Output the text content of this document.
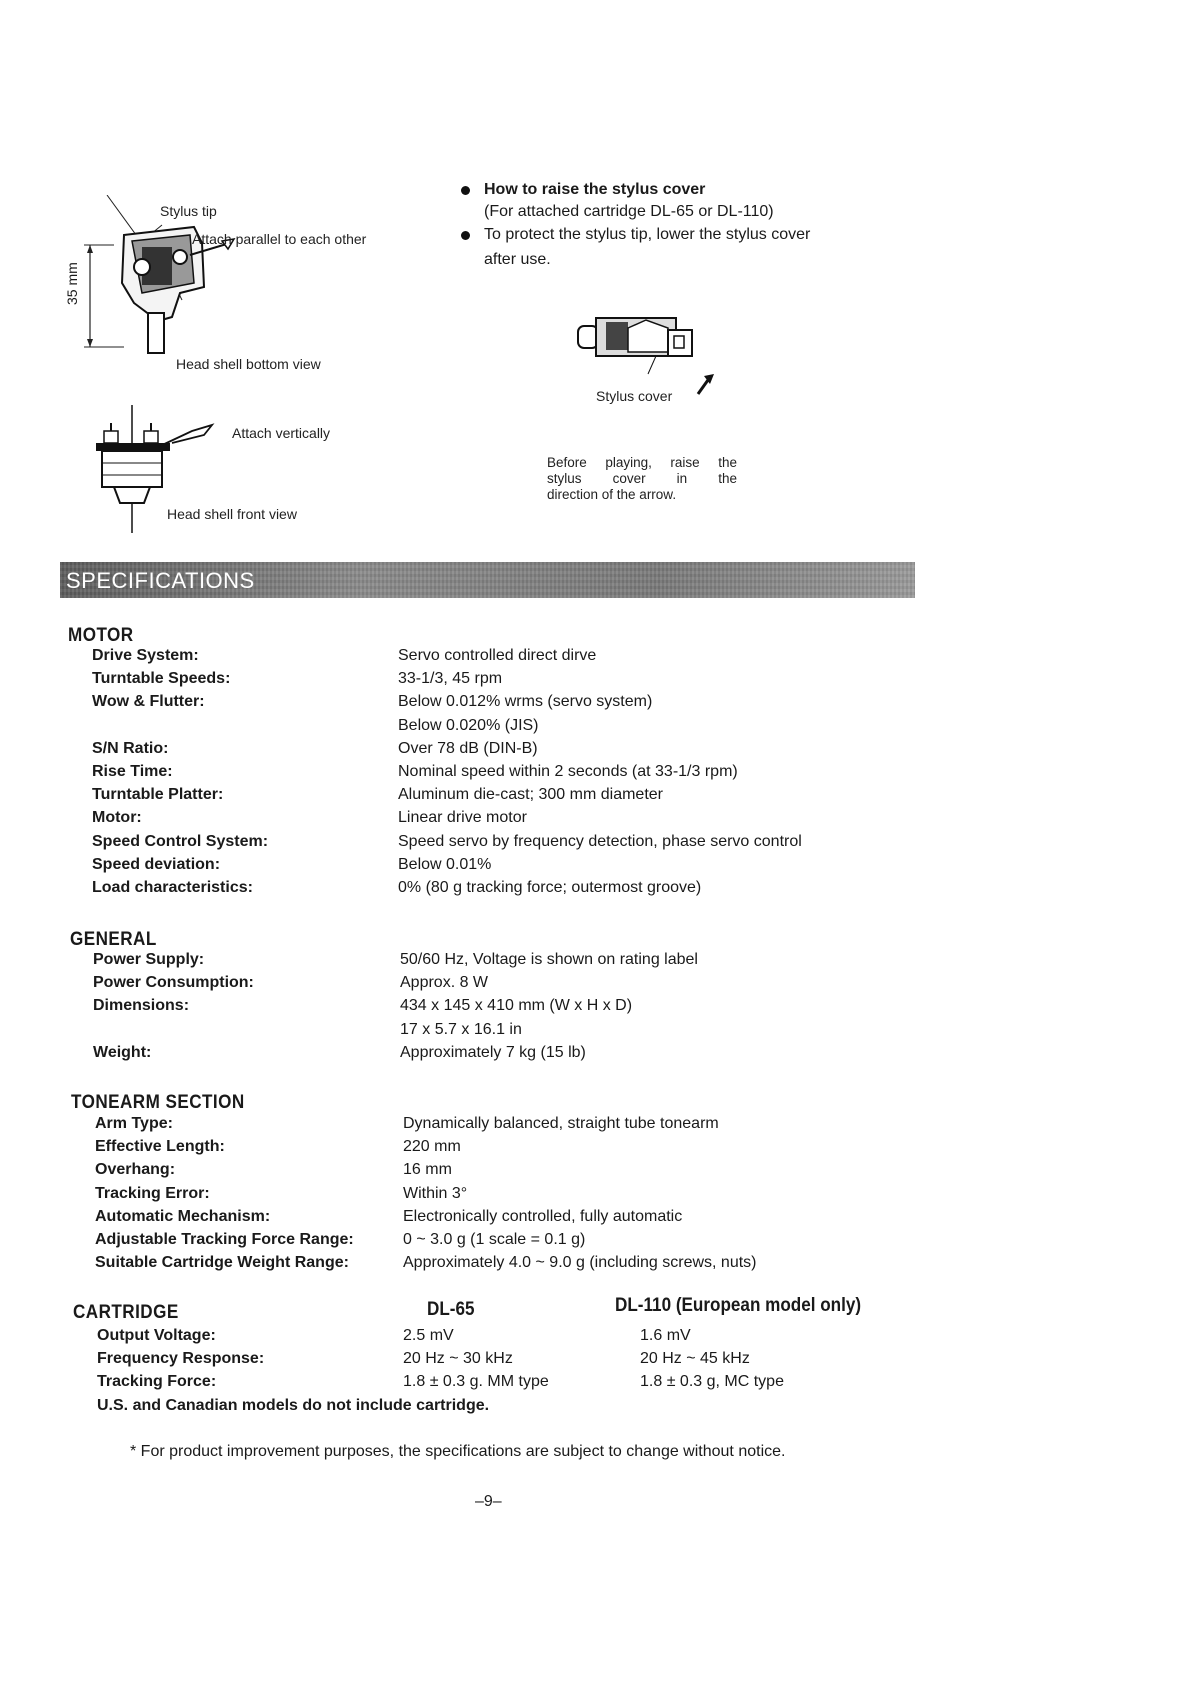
35 mm
Stylus tip
Attach parallel to each other
Head shell bottom view
Attach vertically
Head shell front view
How to raise the stylus cover
(For attached cartridge DL-65 or DL-110)
To protect the stylus tip, lower the stylus cover
after use.
Stylus cover
Before playing, raise the
stylus cover in the
direction of the arrow.
SPECIFICATIONS
MOTOR
Drive System:	Servo controlled direct dirve
Turntable Speeds:	33-1/3, 45 rpm
Wow & Flutter:	Below 0.012% wrms (servo system)
Below 0.020% (JIS)
S/N Ratio:	Over 78 dB (DIN-B)
Rise Time:	Nominal speed within 2 seconds (at 33-1/3 rpm)
Turntable Platter:	Aluminum die-cast; 300 mm diameter
Motor:	Linear drive motor
Speed Control System:	Speed servo by frequency detection, phase servo control
Speed deviation:	Below 0.01%
Load characteristics:	0% (80 g tracking force; outermost groove)
GENERAL
Power Supply:	50/60 Hz, Voltage is shown on rating label
Power Consumption:	Approx. 8 W
Dimensions:	434 x 145 x 410 mm (W x H x D)
17 x 5.7 x 16.1 in
Weight:	Approximately 7 kg (15 lb)
TONEARM SECTION
Arm Type:	Dynamically balanced, straight tube tonearm
Effective Length:	220 mm
Overhang:	16 mm
Tracking Error:	Within 3°
Automatic Mechanism:	Electronically controlled, fully automatic
Adjustable Tracking Force Range:	0 ~ 3.0 g (1 scale = 0.1 g)
Suitable Cartridge Weight Range:	Approximately 4.0 ~ 9.0 g (including screws, nuts)
CARTRIDGE	DL-65	DL-110 (European model only)
Output Voltage:	2.5 mV	1.6 mV
Frequency Response:	20 Hz ~ 30 kHz	20 Hz ~ 45 kHz
Tracking Force:	1.8 ± 0.3 g. MM type	1.8 ± 0.3 g, MC type
U.S. and Canadian models do not include cartridge.
* For product improvement purposes, the specifications are subject to change without notice.
–9–
